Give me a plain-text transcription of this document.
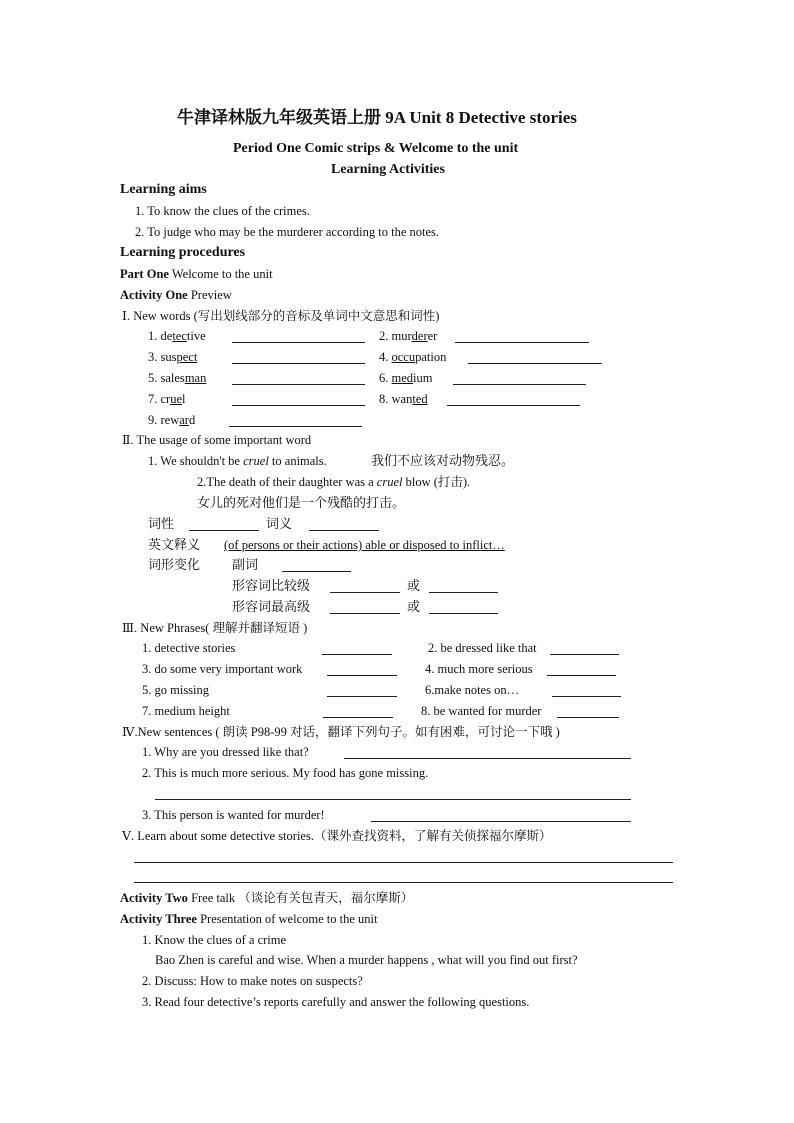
牛津译林版九年级英语上册 9A Unit 8 Detective stories
Period One Comic strips & Welcome to the unit
Learning Activities
Learning aims
1. To know the clues of the crimes.
2. To judge who may be the murderer according to the notes.
Learning procedures
Part One Welcome to the unit
Activity One Preview
Ⅰ. New words (写出划线部分的音标及单词中文意思和词性)
1. detective	2. murderer
3. suspect	4. occupation
5. salesman	6. medium
7. cruel	8. wanted
9. reward
Ⅱ. The usage of some important word
1. We shouldn't be cruel to animals.	我们不应该对动物残忍。
2.The death of their daughter was a cruel blow (打击).
女儿的死对他们是一个残酷的打击。
词性	词义
英文释义 (of persons or their actions) able or disposed to inflict…
词形变化 副词
形容词比较级	或
形容词最高级	或
Ⅲ. New Phrases( 理解并翻译短语 )
1. detective stories	2. be dressed like that
3. do some very important work	4. much more serious
5. go missing	6.make notes on…
7. medium height	8. be wanted for murder
Ⅳ.New sentences ( 朗读 P98-99 对话，翻译下列句子。如有困难，可讨论一下哦 )
1. Why are you dressed like that?
2. This is much more serious. My food has gone missing.
3. This person is wanted for murder!
Ⅴ. Learn about some detective stories.（课外查找资料，了解有关侦探福尔摩斯）
Activity Two Free talk （谈论有关包青天，福尔摩斯）
Activity Three Presentation of welcome to the unit
1. Know the clues of a crime
Bao Zhen is careful and wise. When a murder happens , what will you find out first?
2. Discuss: How to make notes on suspects?
3. Read four detective’s reports carefully and answer the following questions.
